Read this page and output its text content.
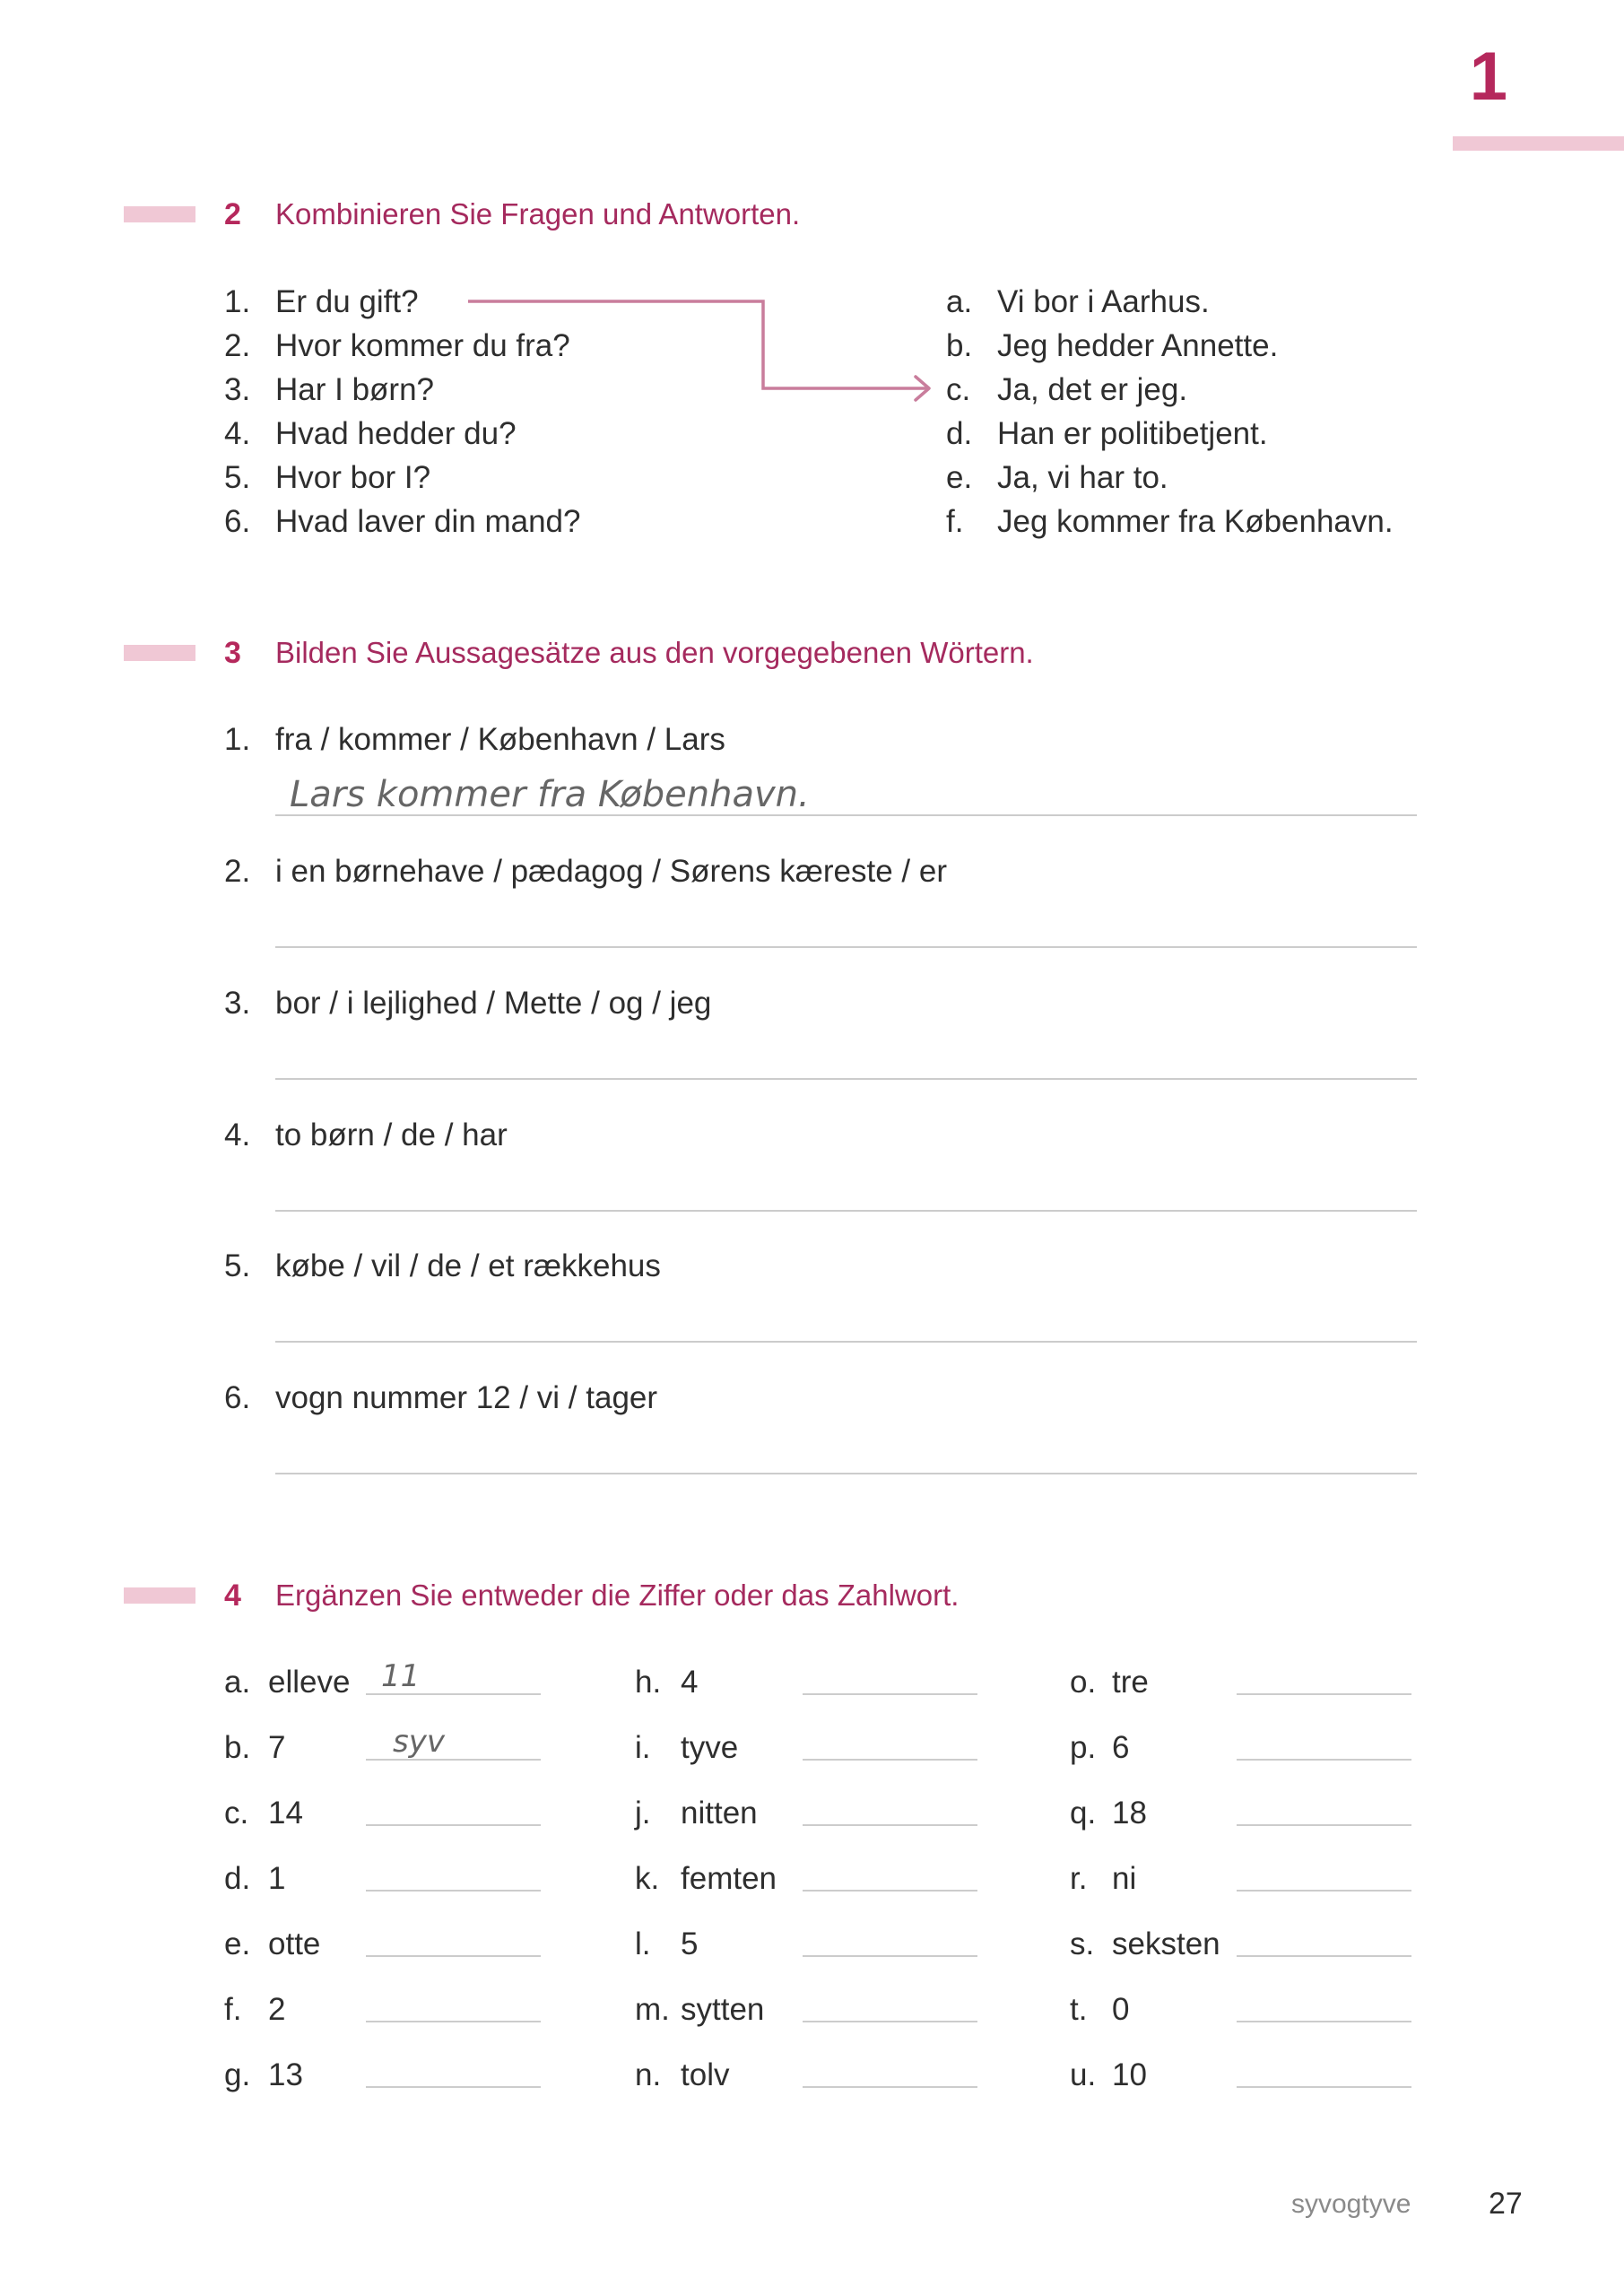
1
2 Kombinieren Sie Fragen und Antworten.
1. Er du gift?
2. Hvor kommer du fra?
3. Har I børn?
4. Hvad hedder du?
5. Hvor bor I?
6. Hvad laver din mand?
a. Vi bor i Aarhus.
b. Jeg hedder Annette.
c. Ja, det er jeg.
d. Han er politibetjent.
e. Ja, vi har to.
f. Jeg kommer fra København.
3 Bilden Sie Aussagesätze aus den vorgegebenen Wörtern.
1. fra / kommer / København / Lars
Lars kommer fra København.
2. i en børnehave / pædagog / Sørens kæreste / er
3. bor / i lejlighed / Mette / og / jeg
4. to børn / de / har
5. købe / vil / de / et rækkehus
6. vogn nummer 12 / vi / tager
4 Ergänzen Sie entweder die Ziffer oder das Zahlwort.
a. elleve 11
b. 7	syv
c. 14
d. 1
e. otte
f. 2
g. 13
h. 4
i. tyve
j. nitten
k. femten
l. 5
m. sytten
n. tolv
o. tre
p. 6
q. 18
r. ni
s. seksten
t. 0
u. 10
syvogtyve	27
